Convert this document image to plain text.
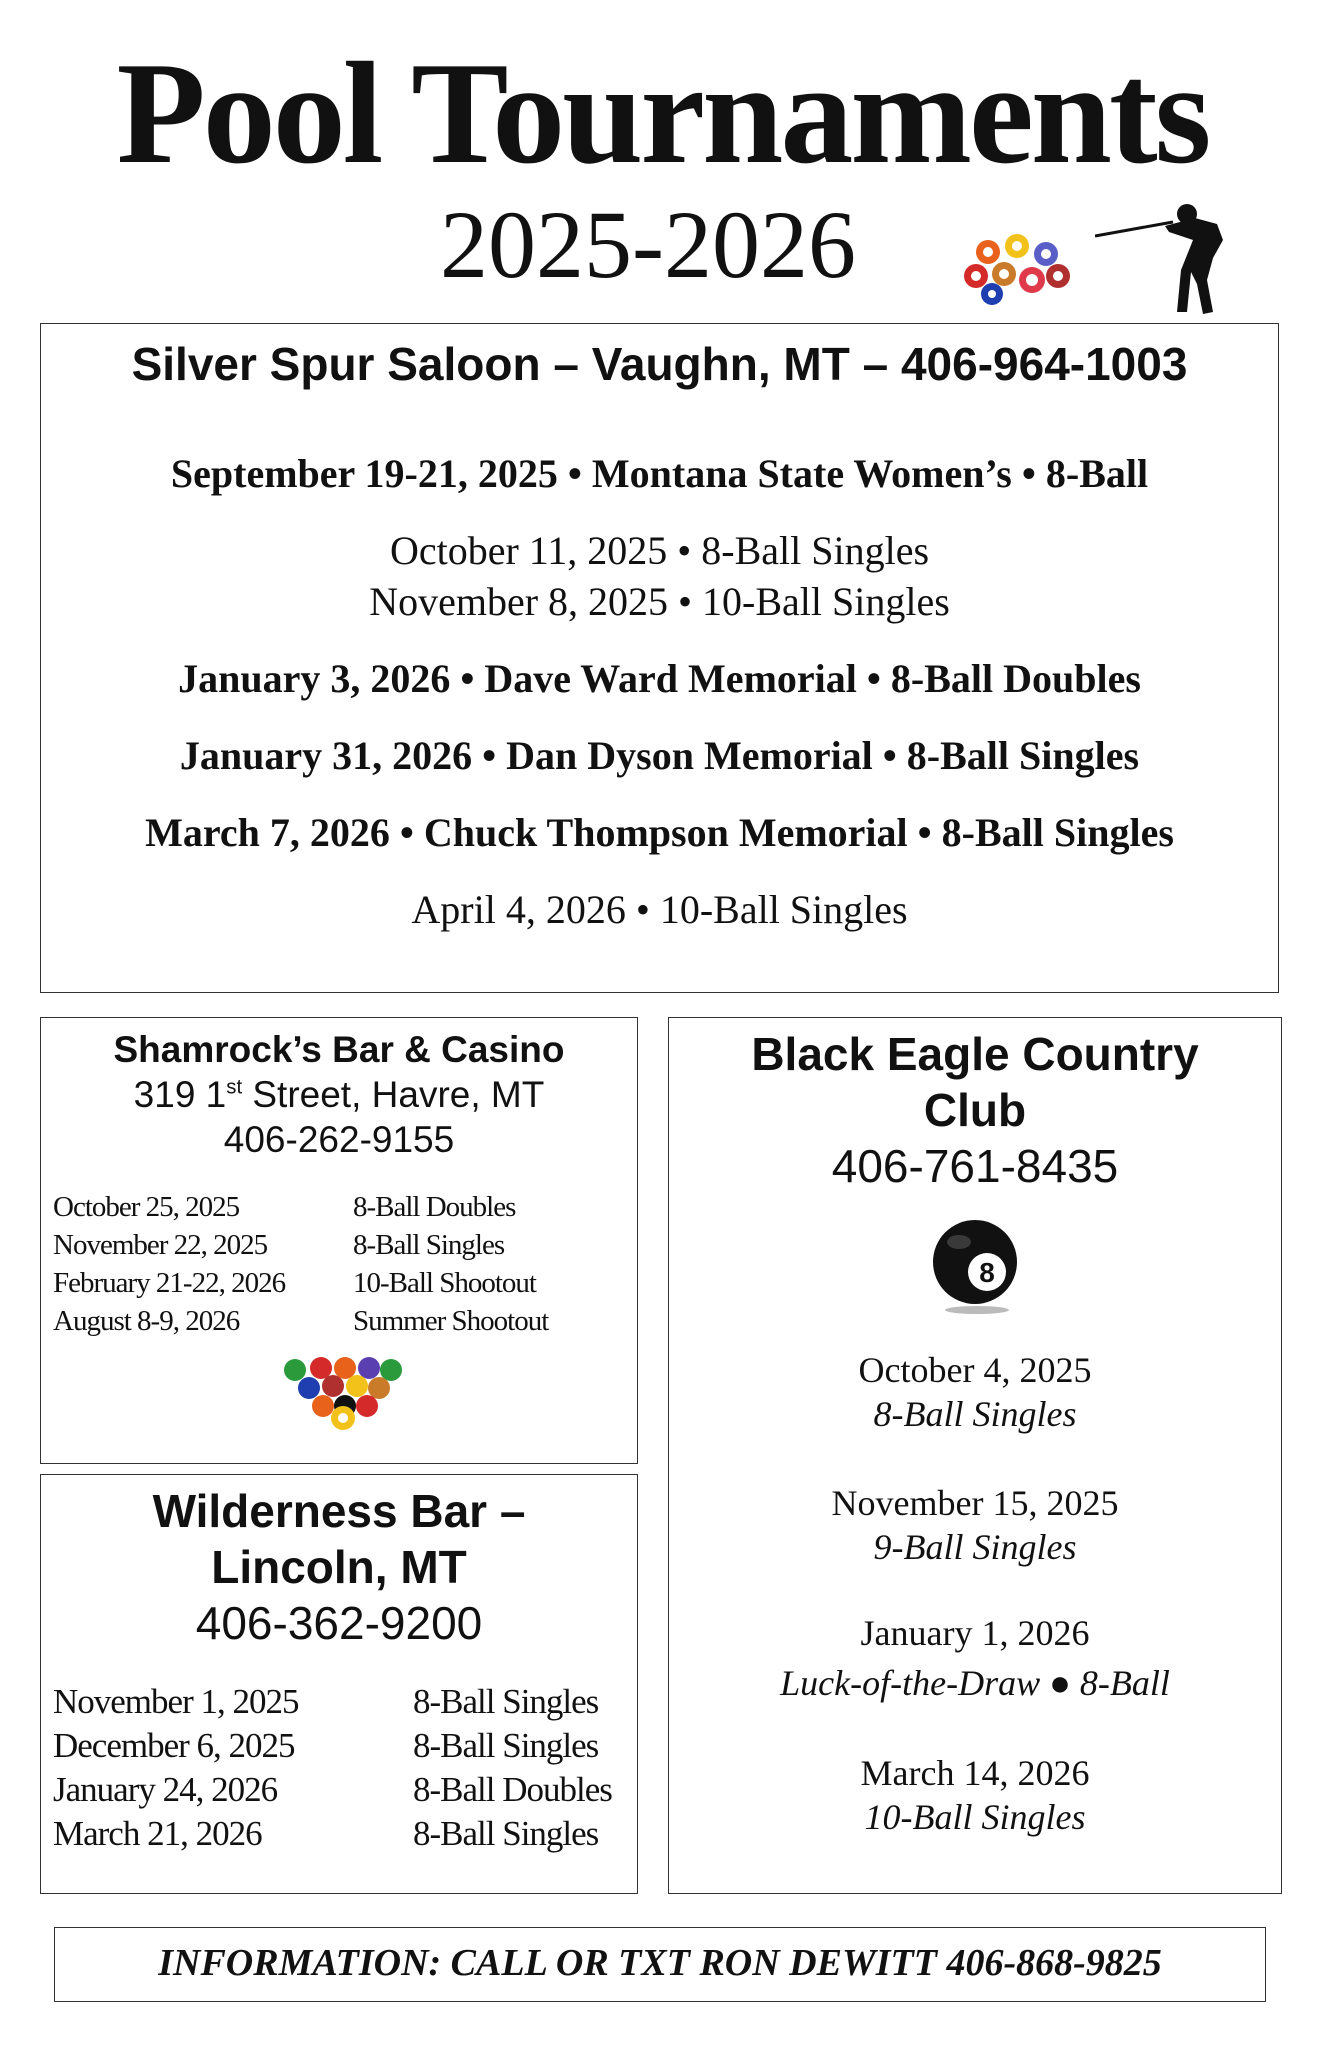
Pool Tournaments
2025-2026
Silver Spur Saloon – Vaughn, MT – 406-964-1003
September 19-21, 2025 • Montana State Women’s • 8-Ball
October 11, 2025 • 8-Ball Singles
November 8, 2025 • 10-Ball Singles
January 3, 2026 • Dave Ward Memorial • 8-Ball Doubles
January 31, 2026 • Dan Dyson Memorial • 8-Ball Singles
March 7, 2026 • Chuck Thompson Memorial • 8-Ball Singles
April 4, 2026 • 10-Ball Singles
Shamrock’s Bar & Casino
319 1st Street, Havre, MT
406-262-9155
October 25, 2025
November 22, 2025
February 21-22, 2026
August 8-9, 2026
8-Ball Doubles
8-Ball Singles
10-Ball Shootout
Summer Shootout
Wilderness Bar –
Lincoln, MT
406-362-9200
November 1, 2025
December 6, 2025
January 24, 2026
March 21, 2026
8-Ball Singles
8-Ball Singles
8-Ball Doubles
8-Ball Singles
Black Eagle Country
Club
406-761-8435
8
October 4, 2025
8-Ball Singles
November 15, 2025
9-Ball Singles
January 1, 2026
Luck-of-the-Draw ● 8-Ball
March 14, 2026
10-Ball Singles
INFORMATION: CALL OR TXT RON DEWITT 406-868-9825
